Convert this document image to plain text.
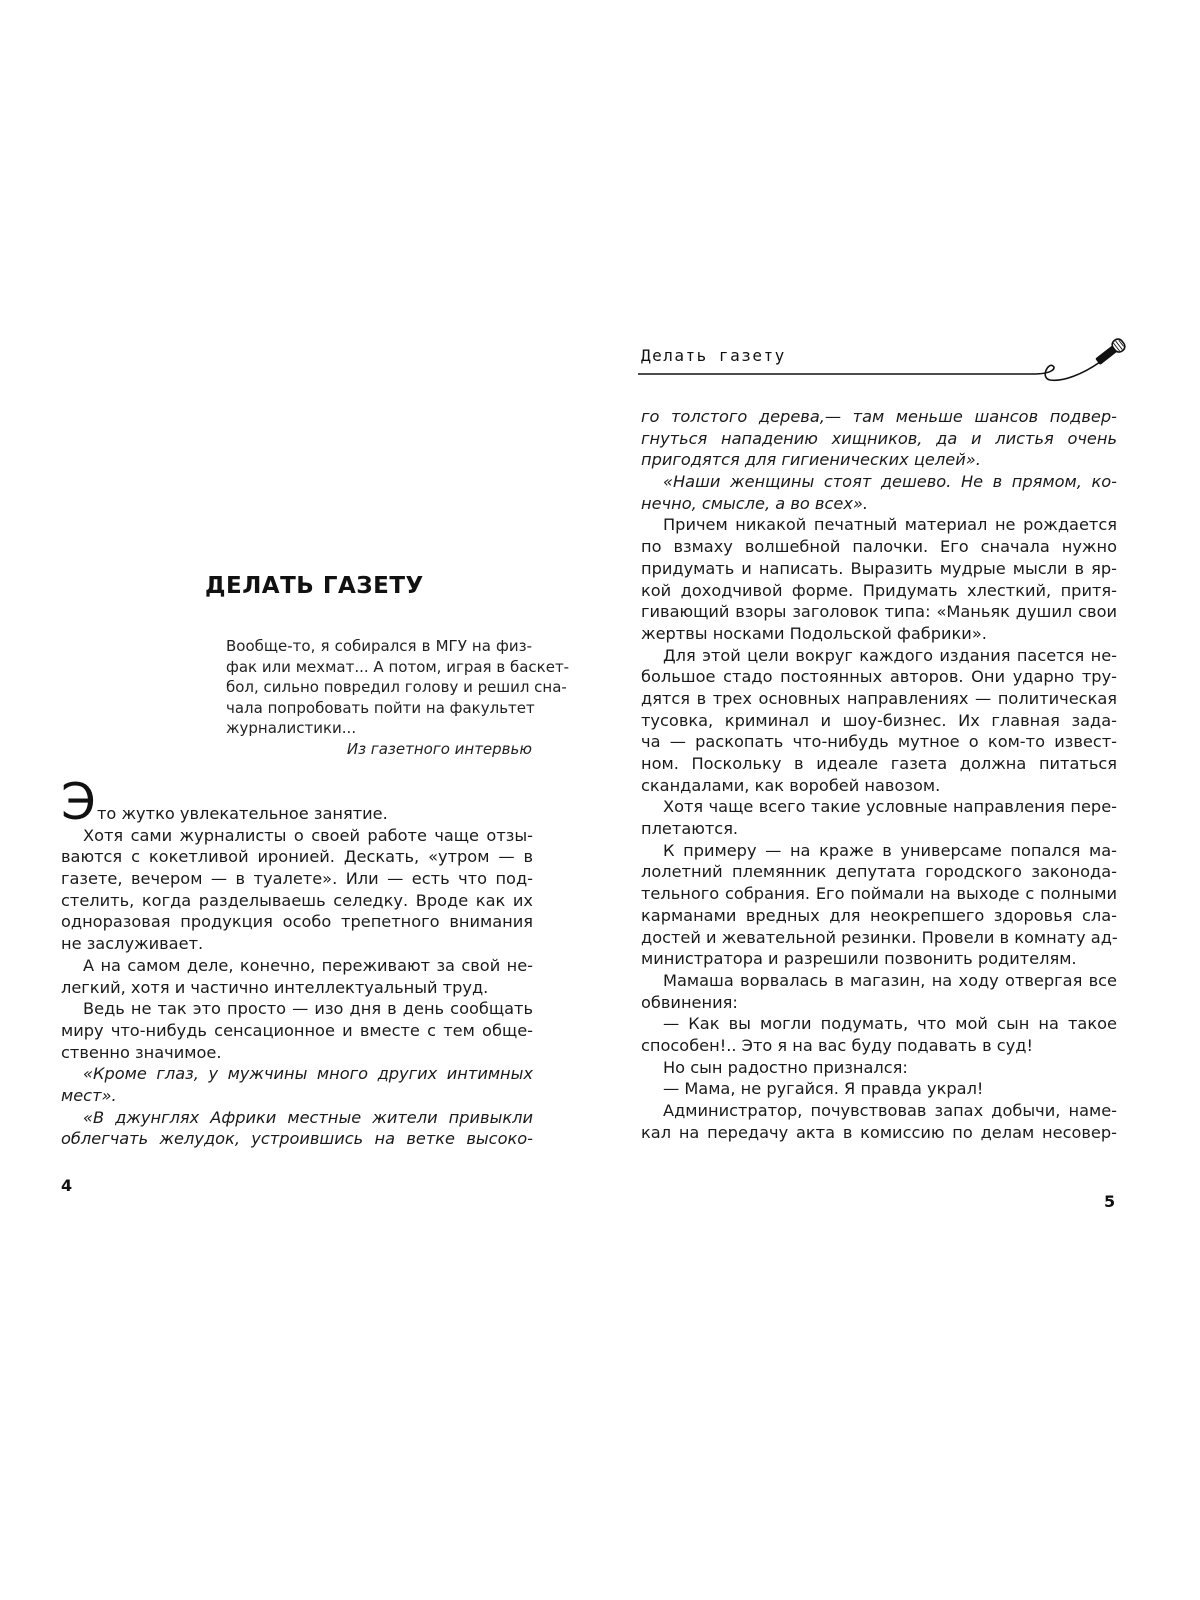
ДЕЛАТЬ ГАЗЕТУ
Вообще-то, я собирался в МГУ на физ-
фак или мехмат... А потом, играя в баскет-
бол, сильно повредил голову и решил сна-
чала попробовать пойти на факультет
журналистики...
Из газетного интервью
Э то жутко увлекательное занятие.
Хотя сами журналисты о своей работе чаще отзы-
ваются с кокетливой иронией. Дескать, «утром — в
газете, вечером — в туалете». Или — есть что под-
стелить, когда разделываешь селедку. Вроде как их
одноразовая продукция особо трепетного внимания
не заслуживает.
А на самом деле, конечно, переживают за свой не-
легкий, хотя и частично интеллектуальный труд.
Ведь не так это просто — изо дня в день сообщать
миру что-нибудь сенсационное и вместе с тем обще-
ственно значимое.
«Кроме глаз, у мужчины много других интимных
мест».
«В джунглях Африки местные жители привыкли
облегчать желудок, устроившись на ветке высоко-
4
Делать газету
го толстого дерева,— там меньше шансов подвер-
гнуться нападению хищников, да и листья очень
пригодятся для гигиенических целей».
«Наши женщины стоят дешево. Не в прямом, ко-
нечно, смысле, а во всех».
Причем никакой печатный материал не рождается
по взмаху волшебной палочки. Его сначала нужно
придумать и написать. Выразить мудрые мысли в яр-
кой доходчивой форме. Придумать хлесткий, притя-
гивающий взоры заголовок типа: «Маньяк душил свои
жертвы носками Подольской фабрики».
Для этой цели вокруг каждого издания пасется не-
большое стадо постоянных авторов. Они ударно тру-
дятся в трех основных направлениях — политическая
тусовка, криминал и шоу-бизнес. Их главная зада-
ча — раскопать что-нибудь мутное о ком-то извест-
ном. Поскольку в идеале газета должна питаться
скандалами, как воробей навозом.
Хотя чаще всего такие условные направления пере-
плетаются.
К примеру — на краже в универсаме попался ма-
лолетний племянник депутата городского законода-
тельного собрания. Его поймали на выходе с полными
карманами вредных для неокрепшего здоровья сла-
достей и жевательной резинки. Провели в комнату ад-
министратора и разрешили позвонить родителям.
Мамаша ворвалась в магазин, на ходу отвергая все
обвинения:
— Как вы могли подумать, что мой сын на такое
способен!.. Это я на вас буду подавать в суд!
Но сын радостно признался:
— Мама, не ругайся. Я правда украл!
Администратор, почувствовав запах добычи, наме-
кал на передачу акта в комиссию по делам несовер-
5
